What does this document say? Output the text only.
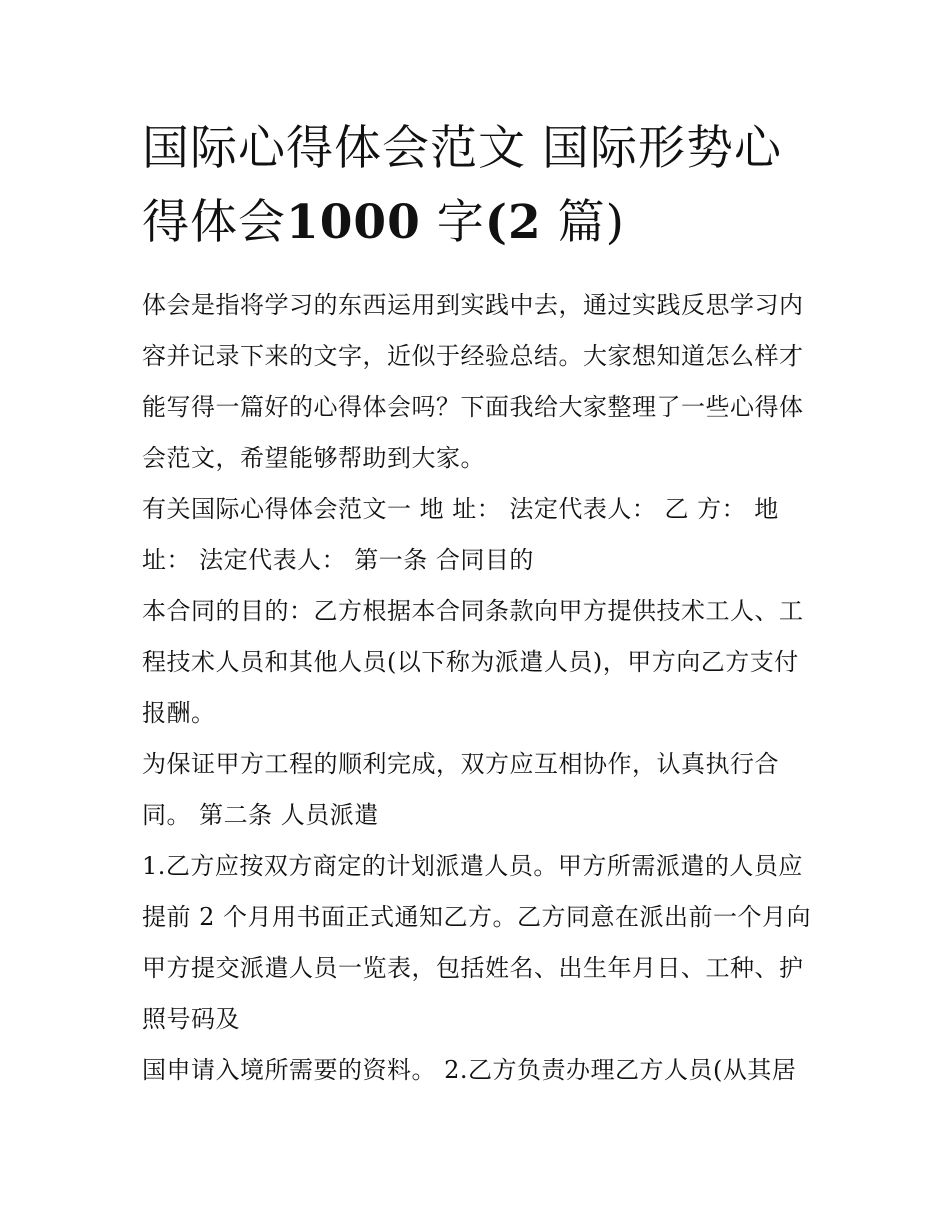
国际心得体会范文 国际形势心得体会1000 字(2 篇)

体会是指将学习的东西运用到实践中去，通过实践反思学习内容并记录下来的文字，近似于经验总结。大家想知道怎么样才能写得一篇好的心得体会吗？下面我给大家整理了一些心得体会范文，希望能够帮助到大家。

有关国际心得体会范文一 地 址： 法定代表人： 乙 方： 地址： 法定代表人： 第一条 合同目的

本合同的目的：乙方根据本合同条款向甲方提供技术工人、工程技术人员和其他人员(以下称为派遣人员)，甲方向乙方支付报酬。

为保证甲方工程的顺利完成，双方应互相协作，认真执行合同。 第二条 人员派遣

1.乙方应按双方商定的计划派遣人员。甲方所需派遣的人员应提前 2 个月用书面正式通知乙方。乙方同意在派出前一个月向甲方提交派遣人员一览表，包括姓名、出生年月日、工种、护照号码及

国申请入境所需要的资料。 2.乙方负责办理乙方人员(从其居
